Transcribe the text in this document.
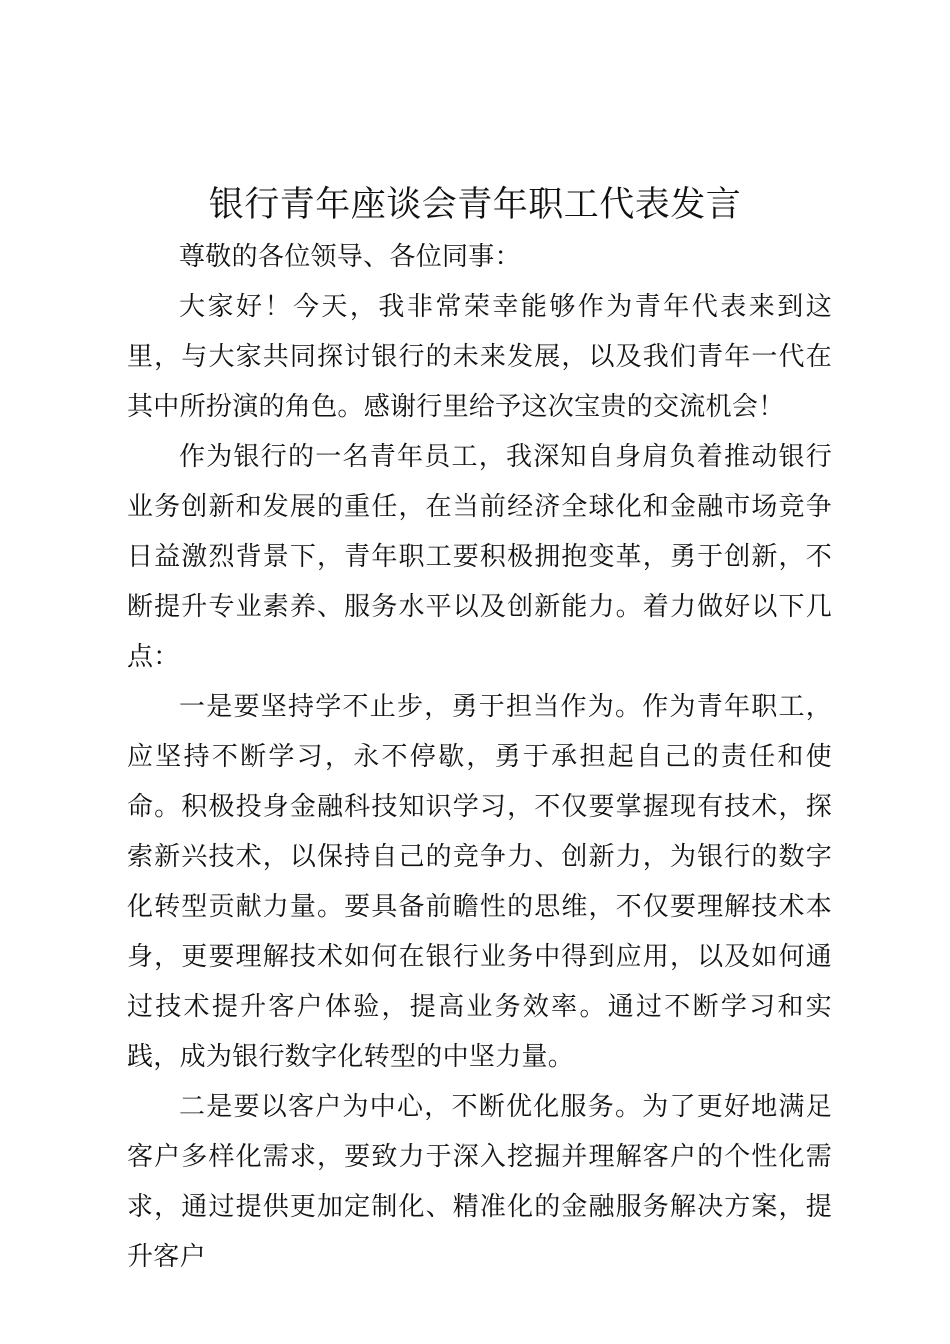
银行青年座谈会青年职工代表发言

尊敬的各位领导、各位同事：

大家好！今天，我非常荣幸能够作为青年代表来到这里，与大家共同探讨银行的未来发展，以及我们青年一代在其中所扮演的角色。感谢行里给予这次宝贵的交流机会！

作为银行的一名青年员工，我深知自身肩负着推动银行业务创新和发展的重任，在当前经济全球化和金融市场竞争日益激烈背景下，青年职工要积极拥抱变革，勇于创新，不断提升专业素养、服务水平以及创新能力。着力做好以下几点：

一是要坚持学不止步，勇于担当作为。作为青年职工，应坚持不断学习，永不停歇，勇于承担起自己的责任和使命。积极投身金融科技知识学习，不仅要掌握现有技术，探索新兴技术，以保持自己的竞争力、创新力，为银行的数字化转型贡献力量。要具备前瞻性的思维，不仅要理解技术本身，更要理解技术如何在银行业务中得到应用，以及如何通过技术提升客户体验，提高业务效率。通过不断学习和实践，成为银行数字化转型的中坚力量。

二是要以客户为中心，不断优化服务。为了更好地满足客户多样化需求，要致力于深入挖掘并理解客户的个性化需求，通过提供更加定制化、精准化的金融服务解决方案，提升客户
